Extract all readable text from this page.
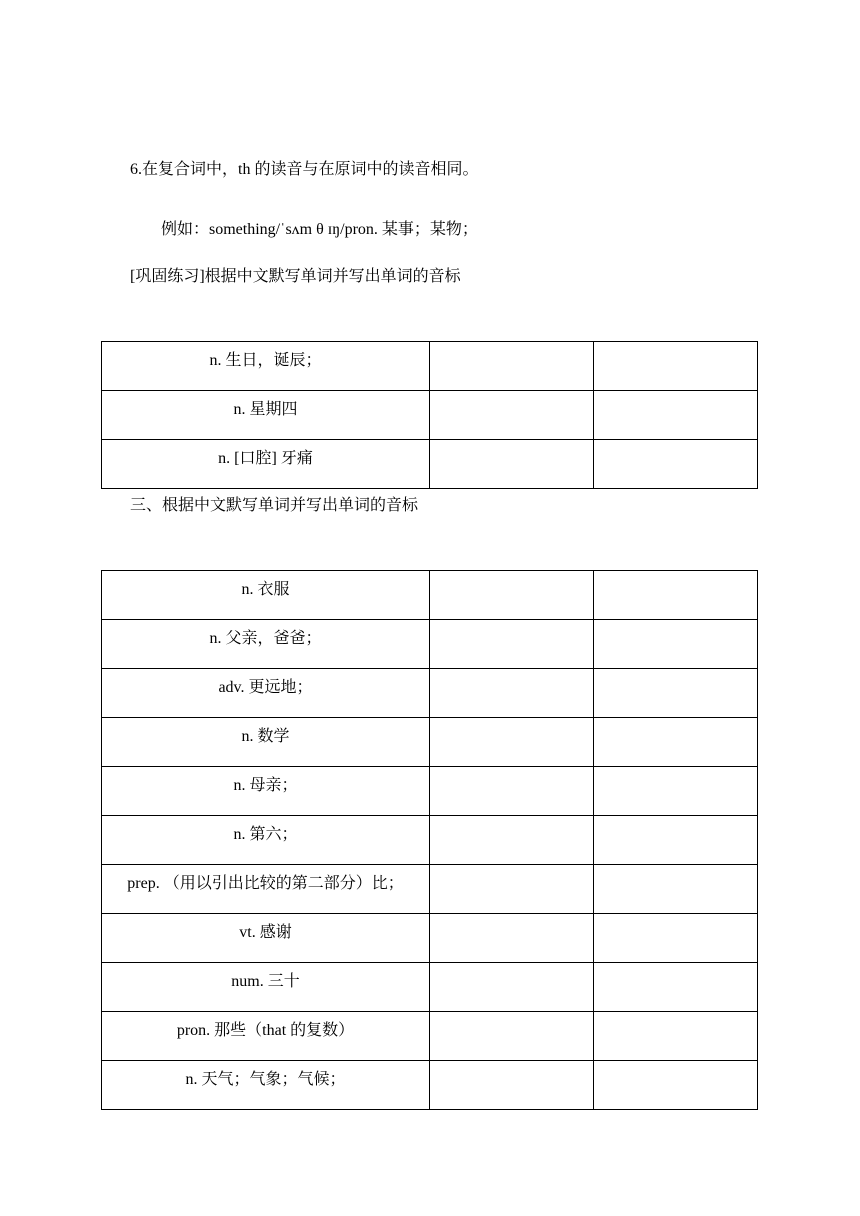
6.在复合词中，th 的读音与在原词中的读音相同。
例如：something/ˈsʌm θ ɪŋ/pron. 某事；某物；
[巩固练习]根据中文默写单词并写出单词的音标
n. 生日，诞辰；		

n. 星期四		

n. [口腔] 牙痛		

三、根据中文默写单词并写出单词的音标
n. 衣服		

n. 父亲，爸爸；		

adv. 更远地；		

n. 数学		

n. 母亲；		

n. 第六；		

prep. （用以引出比较的第二部分）比；		

vt. 感谢		

num. 三十		

pron. 那些（that 的复数）		

n. 天气；气象；气候；		
